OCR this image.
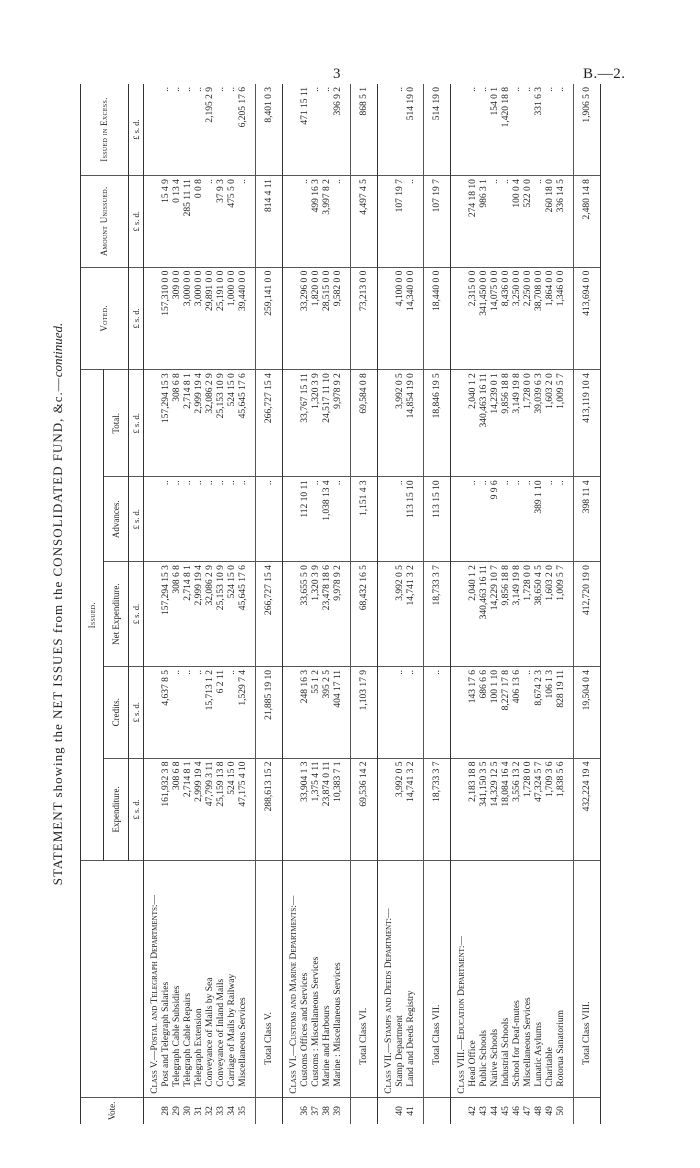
3	B.—2.
STATEMENT showing the NET ISSUES from the CONSOLIDATED FUND, &c.—continued.
Vote.		Issued.					Voted.	Amount Unissued.	Issued in Excess.
		Expenditure.	Credits.	Net Expenditure.	Advances.	Total.			
		£ s. d.	£ s. d.	£ s. d.	£ s. d.	£ s. d.	£ s. d.	£ s. d.	£ s. d.
	Class V.—Postal and Telegraph Departments:—								
28	Post and Telegraph Salaries	161,932 3 8	4,637 8 5	157,294 15 3	..	157,294 15 3	157,310 0 0	15 4 9	..
29	Telegraph Cable Subsidies	308 6 8	..	308 6 8	..	308 6 8	309 0 0	0 13 4	..
30	Telegraph Cable Repairs	2,714 8 1	..	2,714 8 1	..	2,714 8 1	3,000 0 0	285 11 11	..
31	Telegraph Extension	2,999 19 4	..	2,999 19 4	..	2,999 19 4	3,000 0 0	0 0 8	..
32	Conveyance of Mails by Sea	47,799 3 11	15,713 1 2	32,086 2 9	..	32,086 2 9	29,891 0 0	..	2,195 2 9
33	Conveyance of Inland Mails	25,159 13 8	6 2 11	25,153 10 9	..	25,153 10 9	25,191 0 0	37 9 3	..
34	Carriage of Mails by Railway	524 15 0	..	524 15 0	..	524 15 0	1,000 0 0	475 5 0	..
35	Miscellaneous Services	47,175 4 10	1,529 7 4	45,645 17 6	..	45,645 17 6	39,440 0 0	..	6,205 17 6

	Total Class V.	288,613 15 2	21,885 19 10	266,727 15 4	..	266,727 15 4	259,141 0 0	814 4 11	8,401 0 3
	Class VI.—Customs and Marine Departments:—								
36	Customs Offices and Services	33,904 1 3	248 16 3	33,655 5 0	112 10 11	33,767 15 11	33,296 0 0	..	471 15 11
37	Customs : Miscellaneous Services	1,375 4 11	55 1 2	1,320 3 9	..	1,320 3 9	1,820 0 0	499 16 3	..
38	Marine and Harbours	23,874 0 11	395 2 5	23,478 18 6	1,038 13 4	24,517 11 10	28,515 0 0	3,997 8 2	..
39	Marine : Miscellaneous Services	10,383 7 1	404 17 11	9,978 9 2	..	9,978 9 2	9,582 0 0	..	396 9 2

	Total Class VI.	69,536 14 2	1,103 17 9	68,432 16 5	1,151 4 3	69,584 0 8	73,213 0 0	4,497 4 5	868 5 1
	Class VII.—Stamps and Deeds Department:—								
40	Stamp Department	3,992 0 5	..	3,992 0 5	..	3,992 0 5	4,100 0 0	107 19 7	..
41	Land and Deeds Registry	14,741 3 2	..	14,741 3 2	113 15 10	14,854 19 0	14,340 0 0	..	514 19 0

	Total Class VII.	18,733 3 7	..	18,733 3 7	113 15 10	18,846 19 5	18,440 0 0	107 19 7	514 19 0
	Class VIII.—Education Department:—								
42	Head Office	2,183 18 8	143 17 6	2,040 1 2	..	2,040 1 2	2,315 0 0	274 18 10	..
43	Public Schools	341,150 3 5	686 6 6	340,463 16 11	..	340,463 16 11	341,450 0 0	986 3 1	..
44	Native Schools	14,329 12 5	100 1 10	14,229 10 7	9 9 6	14,239 0 1	14,075 0 0	..	154 0 1
45	Industrial Schools	18,084 16 4	8,227 17 8	9,856 18 8	..	9,856 18 8	8,436 0 0	..	1,420 18 8
46	School for Deaf-mutes	3,556 13 2	406 13 6	3,149 19 8	..	3,149 19 8	3,250 0 0	100 0 4	..
47	Miscellaneous Services	1,728 0 0	..	1,728 0 0	..	1,728 0 0	2,250 0 0	522 0 0	..
48	Lunatic Asylums	47,324 5 7	8,674 2 3	38,650 4 5	389 1 10	39,039 6 3	38,708 0 0	..	331 6 3
49	Charitable	1,709 3 6	106 1 3	1,603 2 0	..	1,603 2 0	1,864 0 0	260 18 0	..
50	Rotorua Sanatorium	1,838 5 6	828 19 11	1,009 5 7	..	1,009 5 7	1,346 0 0	336 14 5	..

	Total Class VIII.	432,224 19 4	19,504 0 4	412,720 19 0	398 11 4	413,119 10 4	413,694 0 0	2,480 14 8	1,906 5 0
